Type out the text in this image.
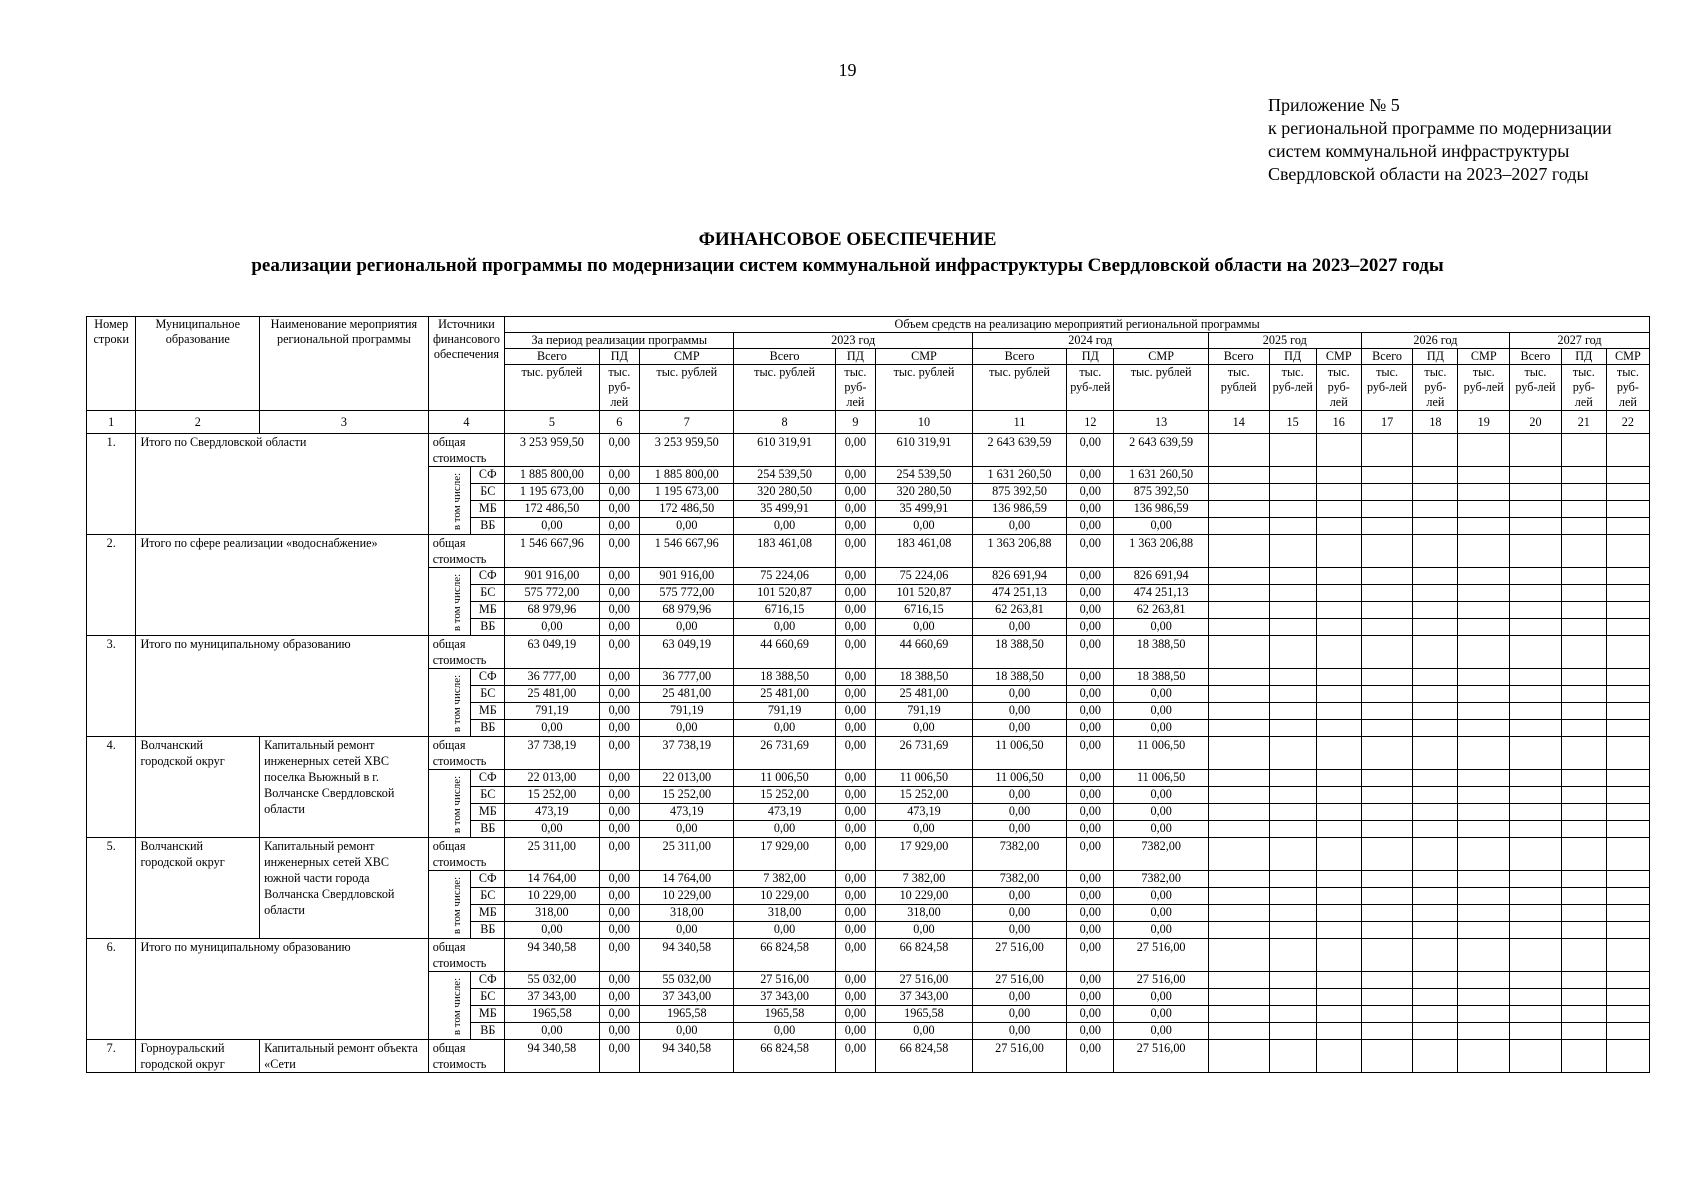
19
Приложение № 5
к региональной программе по модернизации
систем коммунальной инфраструктуры
Свердловской области на 2023–2027 годы
ФИНАНСОВОЕ ОБЕСПЕЧЕНИЕ
реализации региональной программы по модернизации систем коммунальной инфраструктуры Свердловской области на 2023–2027 годы
Номер строки	Муниципальное образование	Наименование мероприятия региональной программы	Источники финансового обеспечения		Объем средств на реализацию мероприятий региональной программы																	
					За период реализации программы			2023 год			2024 год			2025 год			2026 год			2027 год		
					Всего	ПД	СМР	Всего	ПД	СМР	Всего	ПД	СМР	Всего	ПД	СМР	Всего	ПД	СМР	Всего	ПД	СМР
					тыс. рублей	тыс. руб-лей	тыс. рублей	тыс. рублей	тыс. руб-лей	тыс. рублей	тыс. рублей	тыс. руб-лей	тыс. рублей	тыс. рублей	тыс. руб-лей	тыс. руб-лей	тыс. руб-лей	тыс. руб-лей	тыс. руб-лей	тыс. руб-лей	тыс. руб-лей	тыс. руб-лей
1	2	3	4		5	6	7	8	9	10	11	12	13	14	15	16	17	18	19	20	21	22
1.	Итого по Свердловской области		общая стоимость		3 253 959,50	0,00	3 253 959,50	610 319,91	0,00	610 319,91	2 643 639,59	0,00	2 643 639,59									
			в том числе:	СФ	1 885 800,00	0,00	1 885 800,00	254 539,50	0,00	254 539,50	1 631 260,50	0,00	1 631 260,50									
				БС	1 195 673,00	0,00	1 195 673,00	320 280,50	0,00	320 280,50	875 392,50	0,00	875 392,50									
				МБ	172 486,50	0,00	172 486,50	35 499,91	0,00	35 499,91	136 986,59	0,00	136 986,59									
				ВБ	0,00	0,00	0,00	0,00	0,00	0,00	0,00	0,00	0,00									
2.	Итого по сфере реализации «водоснабжение»		общая стоимость		1 546 667,96	0,00	1 546 667,96	183 461,08	0,00	183 461,08	1 363 206,88	0,00	1 363 206,88									
			в том числе:	СФ	901 916,00	0,00	901 916,00	75 224,06	0,00	75 224,06	826 691,94	0,00	826 691,94									
				БС	575 772,00	0,00	575 772,00	101 520,87	0,00	101 520,87	474 251,13	0,00	474 251,13									
				МБ	68 979,96	0,00	68 979,96	6716,15	0,00	6716,15	62 263,81	0,00	62 263,81									
				ВБ	0,00	0,00	0,00	0,00	0,00	0,00	0,00	0,00	0,00									
3.	Итого по муниципальному образованию		общая стоимость		63 049,19	0,00	63 049,19	44 660,69	0,00	44 660,69	18 388,50	0,00	18 388,50									
			в том числе:	СФ	36 777,00	0,00	36 777,00	18 388,50	0,00	18 388,50	18 388,50	0,00	18 388,50									
				БС	25 481,00	0,00	25 481,00	25 481,00	0,00	25 481,00	0,00	0,00	0,00									
				МБ	791,19	0,00	791,19	791,19	0,00	791,19	0,00	0,00	0,00									
				ВБ	0,00	0,00	0,00	0,00	0,00	0,00	0,00	0,00	0,00									
4.	Волчанский городской округ	Капитальный ремонт инженерных сетей ХВС поселка Вьюжный в г. Волчанске Свердловской области	общая стоимость		37 738,19	0,00	37 738,19	26 731,69	0,00	26 731,69	11 006,50	0,00	11 006,50									
			в том числе:	СФ	22 013,00	0,00	22 013,00	11 006,50	0,00	11 006,50	11 006,50	0,00	11 006,50									
				БС	15 252,00	0,00	15 252,00	15 252,00	0,00	15 252,00	0,00	0,00	0,00									
				МБ	473,19	0,00	473,19	473,19	0,00	473,19	0,00	0,00	0,00									
				ВБ	0,00	0,00	0,00	0,00	0,00	0,00	0,00	0,00	0,00									
5.	Волчанский городской округ	Капитальный ремонт инженерных сетей ХВС южной части города Волчанска Свердловской области	общая стоимость		25 311,00	0,00	25 311,00	17 929,00	0,00	17 929,00	7382,00	0,00	7382,00									
			в том числе:	СФ	14 764,00	0,00	14 764,00	7 382,00	0,00	7 382,00	7382,00	0,00	7382,00									
				БС	10 229,00	0,00	10 229,00	10 229,00	0,00	10 229,00	0,00	0,00	0,00									
				МБ	318,00	0,00	318,00	318,00	0,00	318,00	0,00	0,00	0,00									
				ВБ	0,00	0,00	0,00	0,00	0,00	0,00	0,00	0,00	0,00									
6.	Итого по муниципальному образованию		общая стоимость		94 340,58	0,00	94 340,58	66 824,58	0,00	66 824,58	27 516,00	0,00	27 516,00									
			в том числе:	СФ	55 032,00	0,00	55 032,00	27 516,00	0,00	27 516,00	27 516,00	0,00	27 516,00									
				БС	37 343,00	0,00	37 343,00	37 343,00	0,00	37 343,00	0,00	0,00	0,00									
				МБ	1965,58	0,00	1965,58	1965,58	0,00	1965,58	0,00	0,00	0,00									
				ВБ	0,00	0,00	0,00	0,00	0,00	0,00	0,00	0,00	0,00									
7.	Горноуральский городской округ	Капитальный ремонт объекта «Сети	общая стоимость		94 340,58	0,00	94 340,58	66 824,58	0,00	66 824,58	27 516,00	0,00	27 516,00									
